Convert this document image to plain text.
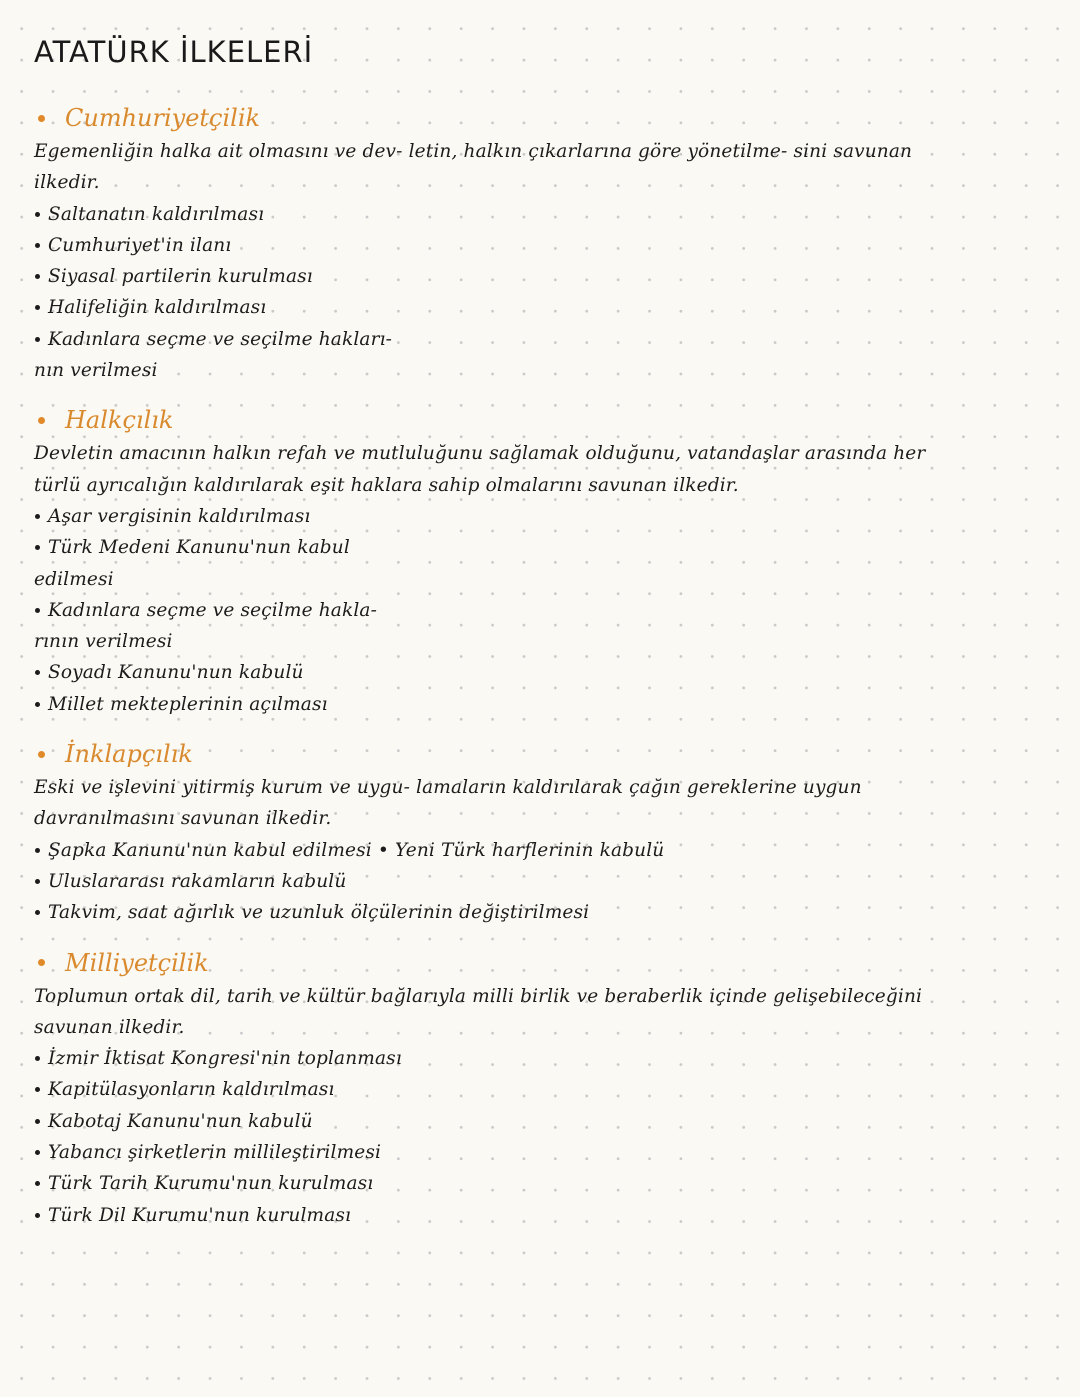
ATATÜRK İLKELERİ
Cumhuriyetçilik
Egemenliğin halka ait olmasını ve dev- letin, halkın çıkarlarına göre yönetilme- sini savunan
ilkedir.
Saltanatın kaldırılması
Cumhuriyet'in ilanı
Siyasal partilerin kurulması
Halifeliğin kaldırılması
Kadınlara seçme ve seçilme hakları-
nın verilmesi
Halkçılık
Devletin amacının halkın refah ve mutluluğunu sağlamak olduğunu, vatandaşlar arasında her
türlü ayrıcalığın kaldırılarak eşit haklara sahip olmalarını savunan ilkedir.
Aşar vergisinin kaldırılması
Türk Medeni Kanunu'nun kabul
edilmesi
Kadınlara seçme ve seçilme hakla-
rının verilmesi
Soyadı Kanunu'nun kabulü
Millet mekteplerinin açılması
İnklapçılık
Eski ve işlevini yitirmiş kurum ve uygu- lamaların kaldırılarak çağın gereklerine uygun
davranılmasını savunan ilkedir.
Şapka Kanunu'nun kabul edilmesi • Yeni Türk harflerinin kabulü
Uluslararası rakamların kabulü
Takvim, saat ağırlık ve uzunluk ölçülerinin değiştirilmesi
Milliyetçilik
Toplumun ortak dil, tarih ve kültür bağlarıyla milli birlik ve beraberlik içinde gelişebileceğini
savunan ilkedir.
İzmir İktisat Kongresi'nin toplanması
Kapitülasyonların kaldırılması
Kabotaj Kanunu'nun kabulü
Yabancı şirketlerin millileştirilmesi
Türk Tarih Kurumu'nun kurulması
Türk Dil Kurumu'nun kurulması
